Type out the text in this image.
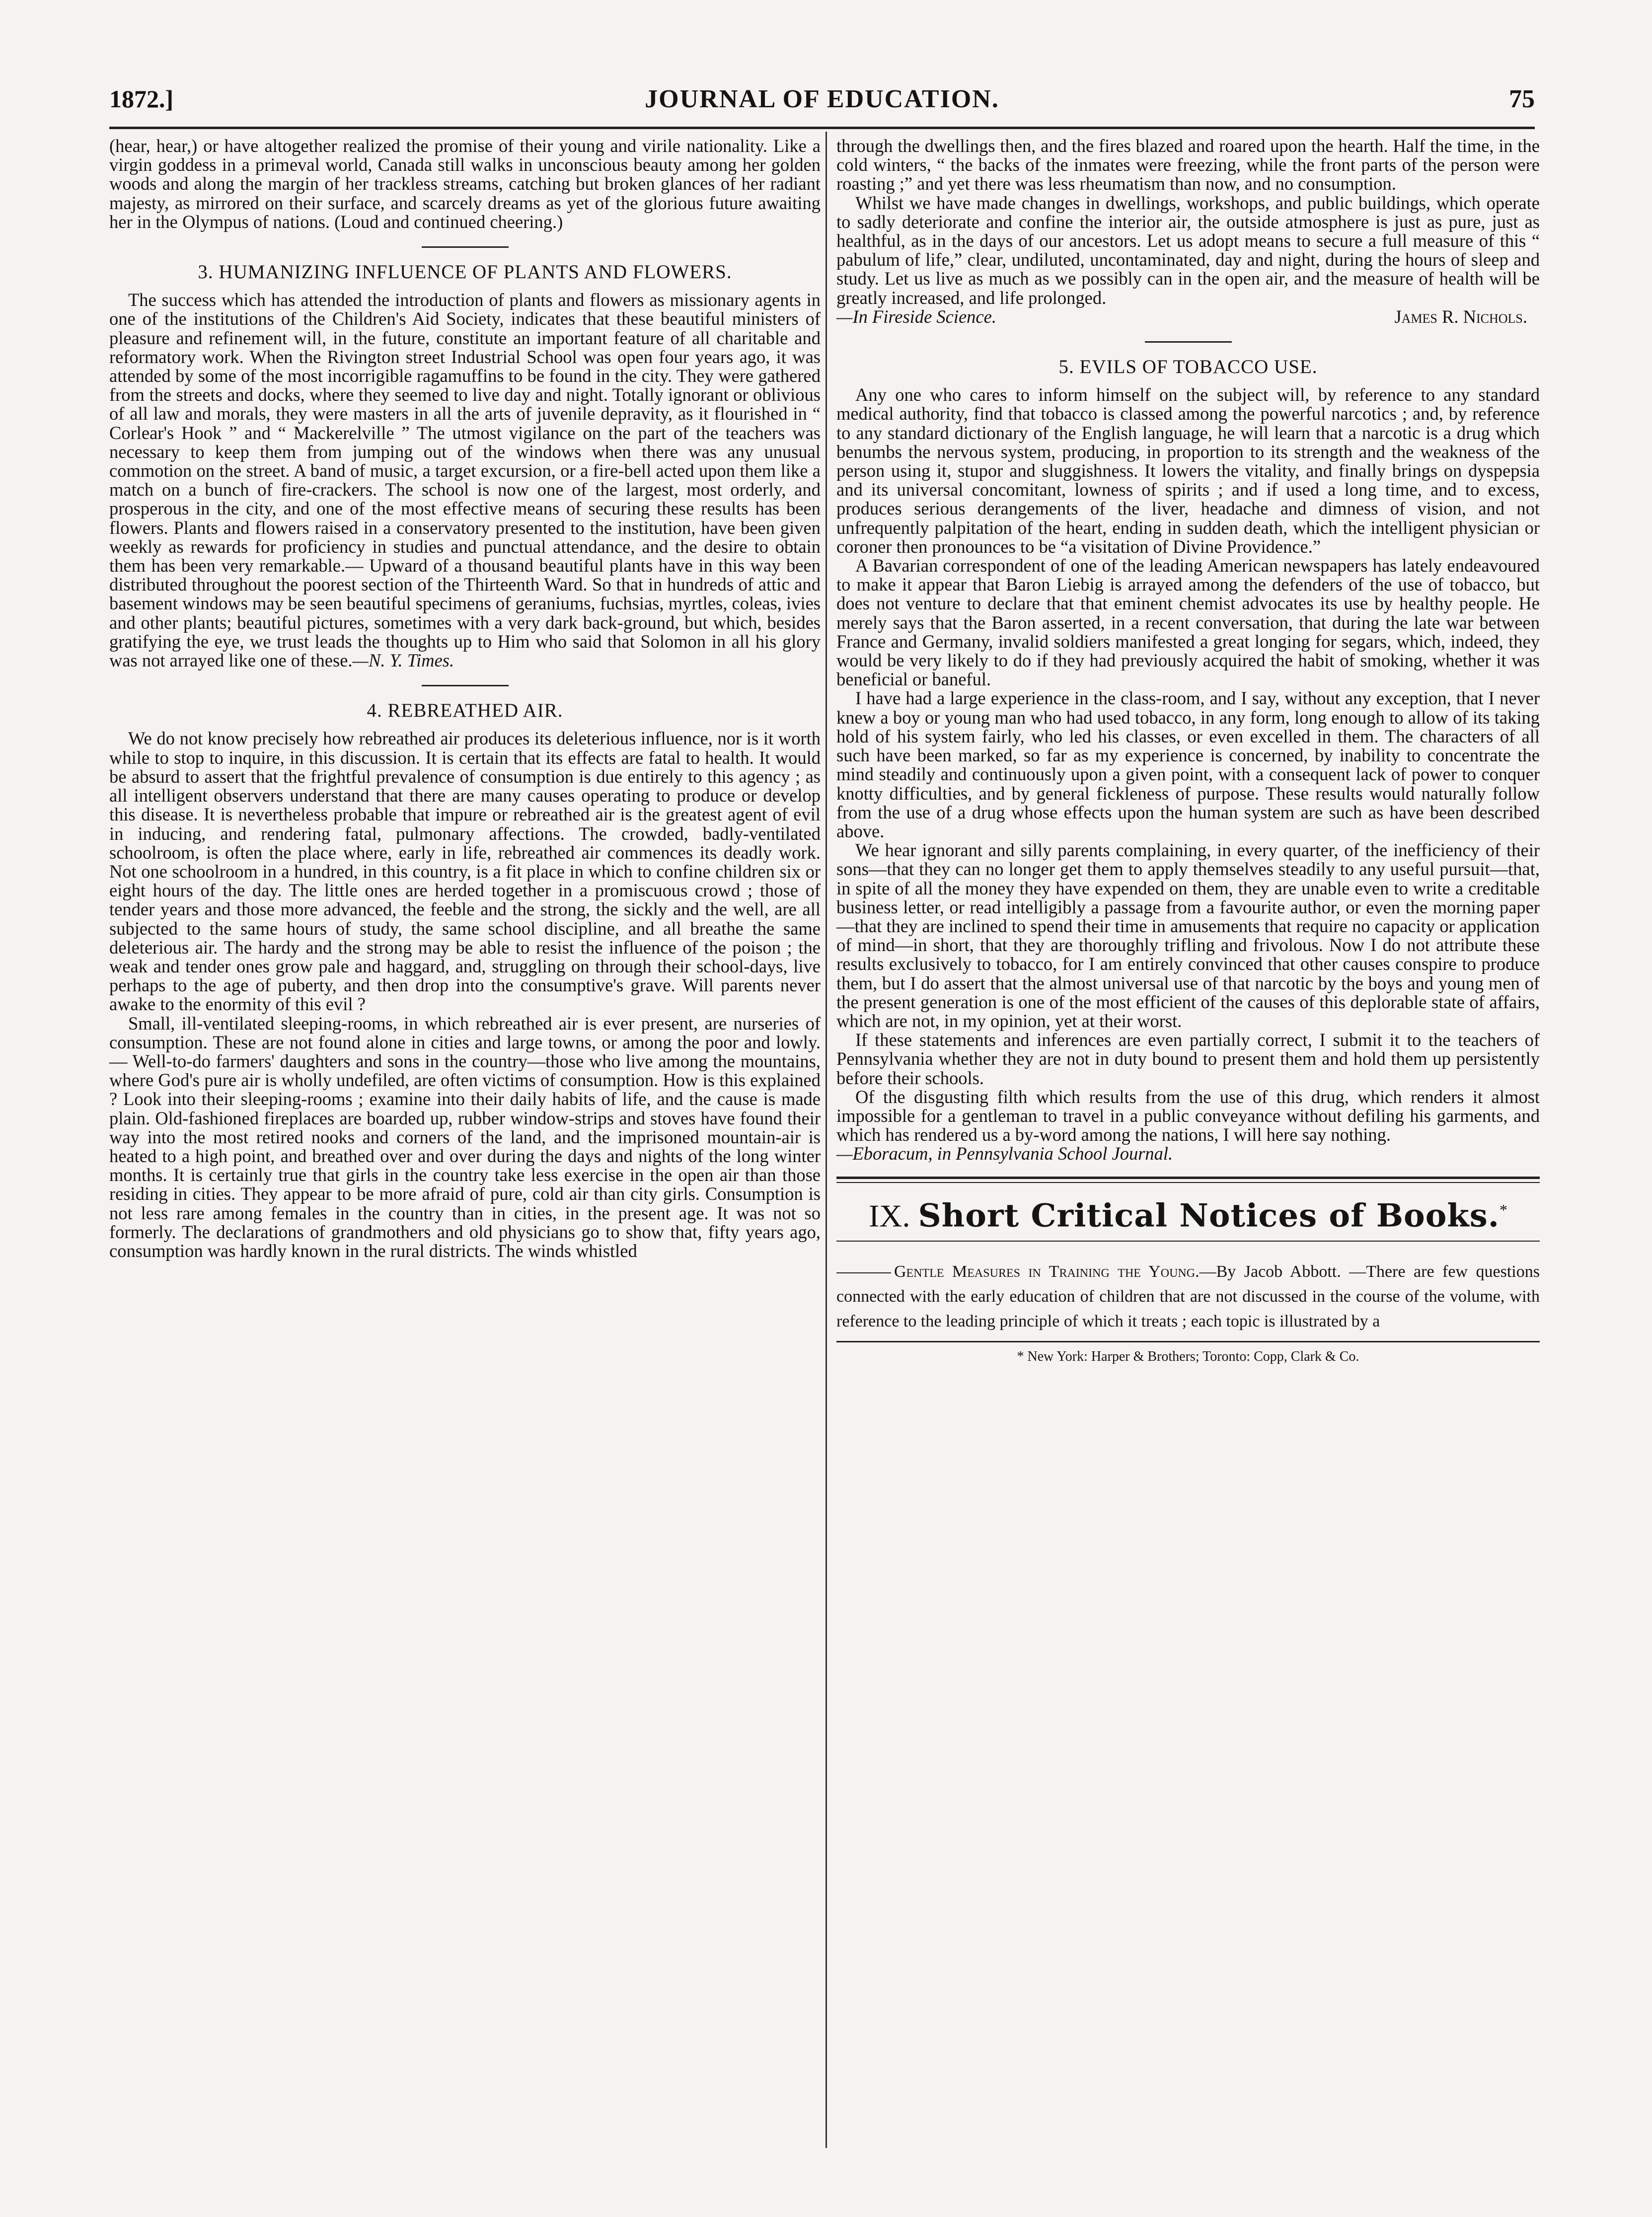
1872.]	JOURNAL OF EDUCATION.	75

(hear, hear,) or have altogether realized the promise of their young and virile nationality. Like a virgin goddess in a primeval world, Canada still walks in unconscious beauty among her golden woods and along the margin of her trackless streams, catching but broken glances of her radiant majesty, as mirrored on their surface, and scarcely dreams as yet of the glorious future awaiting her in the Olympus of nations. (Loud and continued cheering.)

3. HUMANIZING INFLUENCE OF PLANTS AND FLOWERS.

The success which has attended the introduction of plants and flowers as missionary agents in one of the institutions of the Children's Aid Society, indicates that these beautiful ministers of pleasure and refinement will, in the future, constitute an important feature of all charitable and reformatory work. When the Rivington street Industrial School was open four years ago, it was attended by some of the most incorrigible ragamuffins to be found in the city. They were gathered from the streets and docks, where they seemed to live day and night. Totally ignorant or oblivious of all law and morals, they were masters in all the arts of juvenile depravity, as it flourished in “ Corlear's Hook ” and “ Mackerelville ” The utmost vigilance on the part of the teachers was necessary to keep them from jumping out of the windows when there was any unusual commotion on the street. A band of music, a target excursion, or a fire-bell acted upon them like a match on a bunch of fire-crackers. The school is now one of the largest, most orderly, and prosperous in the city, and one of the most effective means of securing these results has been flowers. Plants and flowers raised in a conservatory presented to the institution, have been given weekly as rewards for proficiency in studies and punctual attendance, and the desire to obtain them has been very remarkable.— Upward of a thousand beautiful plants have in this way been distributed throughout the poorest section of the Thirteenth Ward. So that in hundreds of attic and basement windows may be seen beautiful specimens of geraniums, fuchsias, myrtles, coleas, ivies and other plants; beautiful pictures, sometimes with a very dark back-ground, but which, besides gratifying the eye, we trust leads the thoughts up to Him who said that Solomon in all his glory was not arrayed like one of these.—N. Y. Times.

4. REBREATHED AIR.

We do not know precisely how rebreathed air produces its deleterious influence, nor is it worth while to stop to inquire, in this discussion. It is certain that its effects are fatal to health. It would be absurd to assert that the frightful prevalence of consumption is due entirely to this agency ; as all intelligent observers understand that there are many causes operating to produce or develop this disease. It is nevertheless probable that impure or rebreathed air is the greatest agent of evil in inducing, and rendering fatal, pulmonary affections. The crowded, badly-ventilated schoolroom, is often the place where, early in life, rebreathed air commences its deadly work. Not one schoolroom in a hundred, in this country, is a fit place in which to confine children six or eight hours of the day. The little ones are herded together in a promiscuous crowd ; those of tender years and those more advanced, the feeble and the strong, the sickly and the well, are all subjected to the same hours of study, the same school discipline, and all breathe the same deleterious air. The hardy and the strong may be able to resist the influence of the poison ; the weak and tender ones grow pale and haggard, and, struggling on through their school-days, live perhaps to the age of puberty, and then drop into the consumptive's grave. Will parents never awake to the enormity of this evil ?

Small, ill-ventilated sleeping-rooms, in which rebreathed air is ever present, are nurseries of consumption. These are not found alone in cities and large towns, or among the poor and lowly.— Well-to-do farmers' daughters and sons in the country—those who live among the mountains, where God's pure air is wholly undefiled, are often victims of consumption. How is this explained ? Look into their sleeping-rooms ; examine into their daily habits of life, and the cause is made plain. Old-fashioned fireplaces are boarded up, rubber window-strips and stoves have found their way into the most retired nooks and corners of the land, and the imprisoned mountain-air is heated to a high point, and breathed over and over during the days and nights of the long winter months. It is certainly true that girls in the country take less exercise in the open air than those residing in cities. They appear to be more afraid of pure, cold air than city girls. Consumption is not less rare among females in the country than in cities, in the present age. It was not so formerly. The declarations of grandmothers and old physicians go to show that, fifty years ago, consumption was hardly known in the rural districts. The winds whistled

through the dwellings then, and the fires blazed and roared upon the hearth. Half the time, in the cold winters, “ the backs of the inmates were freezing, while the front parts of the person were roasting ;” and yet there was less rheumatism than now, and no consumption.

Whilst we have made changes in dwellings, workshops, and public buildings, which operate to sadly deteriorate and confine the interior air, the outside atmosphere is just as pure, just as healthful, as in the days of our ancestors. Let us adopt means to secure a full measure of this “ pabulum of life,” clear, undiluted, uncontaminated, day and night, during the hours of sleep and study. Let us live as much as we possibly can in the open air, and the measure of health will be greatly increased, and life prolonged.

—In Fireside Science.	James R. Nichols.
5. EVILS OF TOBACCO USE.

Any one who cares to inform himself on the subject will, by reference to any standard medical authority, find that tobacco is classed among the powerful narcotics ; and, by reference to any standard dictionary of the English language, he will learn that a narcotic is a drug which benumbs the nervous system, producing, in proportion to its strength and the weakness of the person using it, stupor and sluggishness. It lowers the vitality, and finally brings on dyspepsia and its universal concomitant, lowness of spirits ; and if used a long time, and to excess, produces serious derangements of the liver, headache and dimness of vision, and not unfrequently palpitation of the heart, ending in sudden death, which the intelligent physician or coroner then pronounces to be “a visitation of Divine Providence.”

A Bavarian correspondent of one of the leading American newspapers has lately endeavoured to make it appear that Baron Liebig is arrayed among the defenders of the use of tobacco, but does not venture to declare that that eminent chemist advocates its use by healthy people. He merely says that the Baron asserted, in a recent conversation, that during the late war between France and Germany, invalid soldiers manifested a great longing for segars, which, indeed, they would be very likely to do if they had previously acquired the habit of smoking, whether it was beneficial or baneful.

I have had a large experience in the class-room, and I say, without any exception, that I never knew a boy or young man who had used tobacco, in any form, long enough to allow of its taking hold of his system fairly, who led his classes, or even excelled in them. The characters of all such have been marked, so far as my experience is concerned, by inability to concentrate the mind steadily and continuously upon a given point, with a consequent lack of power to conquer knotty difficulties, and by general fickleness of purpose. These results would naturally follow from the use of a drug whose effects upon the human system are such as have been described above.

We hear ignorant and silly parents complaining, in every quarter, of the inefficiency of their sons—that they can no longer get them to apply themselves steadily to any useful pursuit—that, in spite of all the money they have expended on them, they are unable even to write a creditable business letter, or read intelligibly a passage from a favourite author, or even the morning paper—that they are inclined to spend their time in amusements that require no capacity or application of mind—in short, that they are thoroughly trifling and frivolous. Now I do not attribute these results exclusively to tobacco, for I am entirely convinced that other causes conspire to produce them, but I do assert that the almost universal use of that narcotic by the boys and young men of the present generation is one of the most efficient of the causes of this deplorable state of affairs, which are not, in my opinion, yet at their worst.

If these statements and inferences are even partially correct, I submit it to the teachers of Pennsylvania whether they are not in duty bound to present them and hold them up persistently before their schools.

Of the disgusting filth which results from the use of this drug, which renders it almost impossible for a gentleman to travel in a public conveyance without defiling his garments, and which has rendered us a by-word among the nations, I will here say nothing.

—Eboracum, in Pennsylvania School Journal.

IX. Short Critical Notices of Books.*

Gentle Measures in Training the Young.—By Jacob Abbott. —There are few questions connected with the early education of children that are not discussed in the course of the volume, with reference to the leading principle of which it treats ; each topic is illustrated by a

* New York: Harper & Brothers; Toronto: Copp, Clark & Co.
